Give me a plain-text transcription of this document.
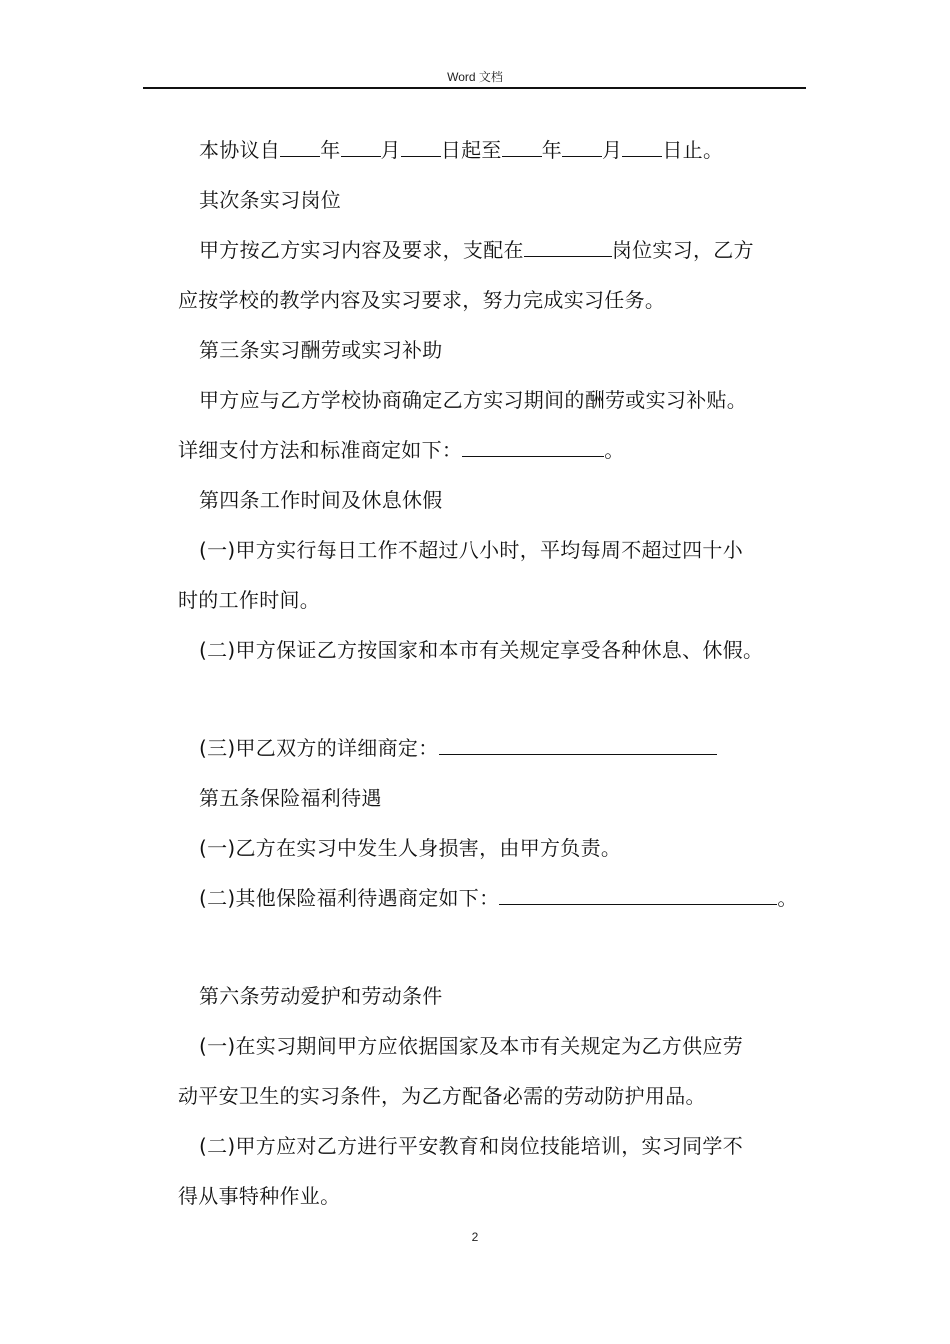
Word 文档
本协议自 年 月 日起至 年 月 日止。
其次条实习岗位
甲方按乙方实习内容及要求，支配在	岗位实习，乙方
应按学校的教学内容及实习要求，努力完成实习任务。
第三条实习酬劳或实习补助
甲方应与乙方学校协商确定乙方实习期间的酬劳或实习补贴。
详细支付方法和标准商定如下：	。
第四条工作时间及休息休假
(一)甲方实行每日工作不超过八小时，平均每周不超过四十小
时的工作时间。
(二)甲方保证乙方按国家和本市有关规定享受各种休息、休假。
(三)甲乙双方的详细商定：
第五条保险福利待遇
(一)乙方在实习中发生人身损害，由甲方负责。
(二)其他保险福利待遇商定如下：	。
第六条劳动爱护和劳动条件
(一)在实习期间甲方应依据国家及本市有关规定为乙方供应劳
动平安卫生的实习条件，为乙方配备必需的劳动防护用品。
(二)甲方应对乙方进行平安教育和岗位技能培训，实习同学不
得从事特种作业。
2
